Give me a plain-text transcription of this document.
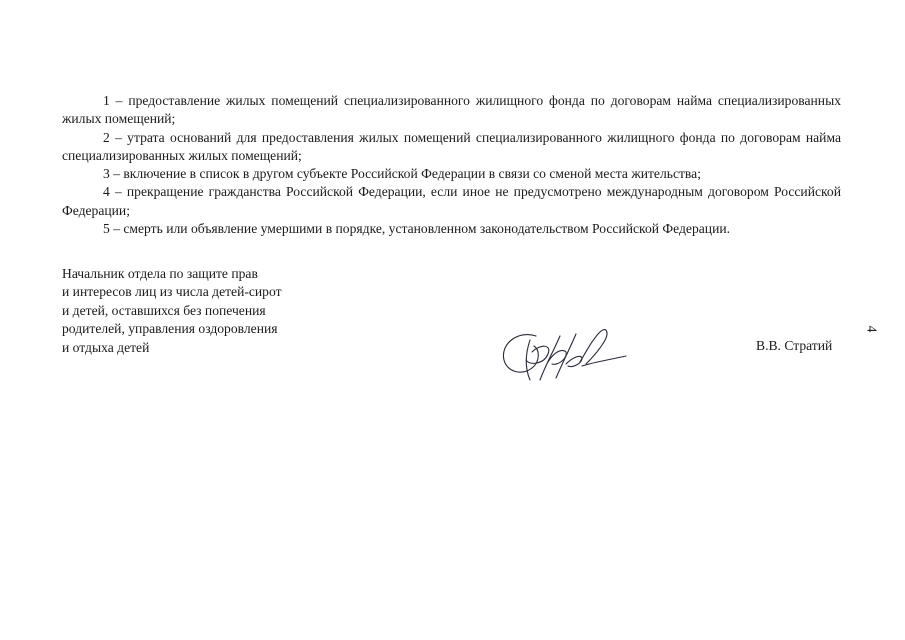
1 – предоставление жилых помещений специализированного жилищного фонда по договорам найма специализированных жилых помещений;

2 – утрата оснований для предоставления жилых помещений специализированного жилищного фонда по договорам найма специализированных жилых помещений;

3 – включение в список в другом субъекте Российской Федерации в связи со сменой места жительства;

4 – прекращение гражданства Российской Федерации, если иное не предусмотрено международным договором Российской Федерации;

5 – смерть или объявление умершими в порядке, установленном законодательством Российской Федерации.

Начальник отдела по защите прав
и интересов лиц из числа детей-сирот
и детей, оставшихся без попечения
родителей, управления оздоровления
и отдыха детей	В.В. Стратий
4
